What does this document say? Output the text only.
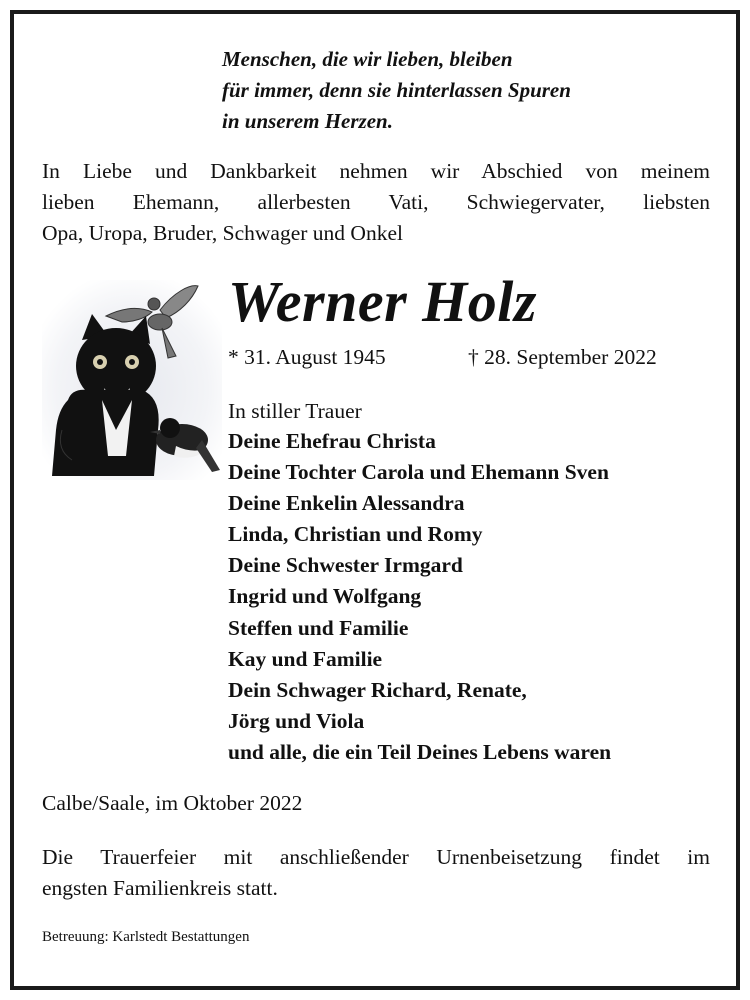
Menschen, die wir lieben, bleiben
für immer, denn sie hinterlassen Spuren
in unserem Herzen.
In Liebe und Dankbarkeit nehmen wir Abschied von meinem
lieben Ehemann, allerbesten Vati, Schwiegervater, liebsten
Opa, Uropa, Bruder, Schwager und Onkel
Werner Holz
* 31. August 1945	† 28. September 2022
In stiller Trauer
Deine Ehefrau Christa
Deine Tochter Carola und Ehemann Sven
Deine Enkelin Alessandra
Linda, Christian und Romy
Deine Schwester Irmgard
Ingrid und Wolfgang
Steffen und Familie
Kay und Familie
Dein Schwager Richard, Renate,
Jörg und Viola
und alle, die ein Teil Deines Lebens waren
Calbe/Saale, im Oktober 2022
Die Trauerfeier mit anschließender Urnenbeisetzung findet im
engsten Familienkreis statt.
Betreuung: Karlstedt Bestattungen
